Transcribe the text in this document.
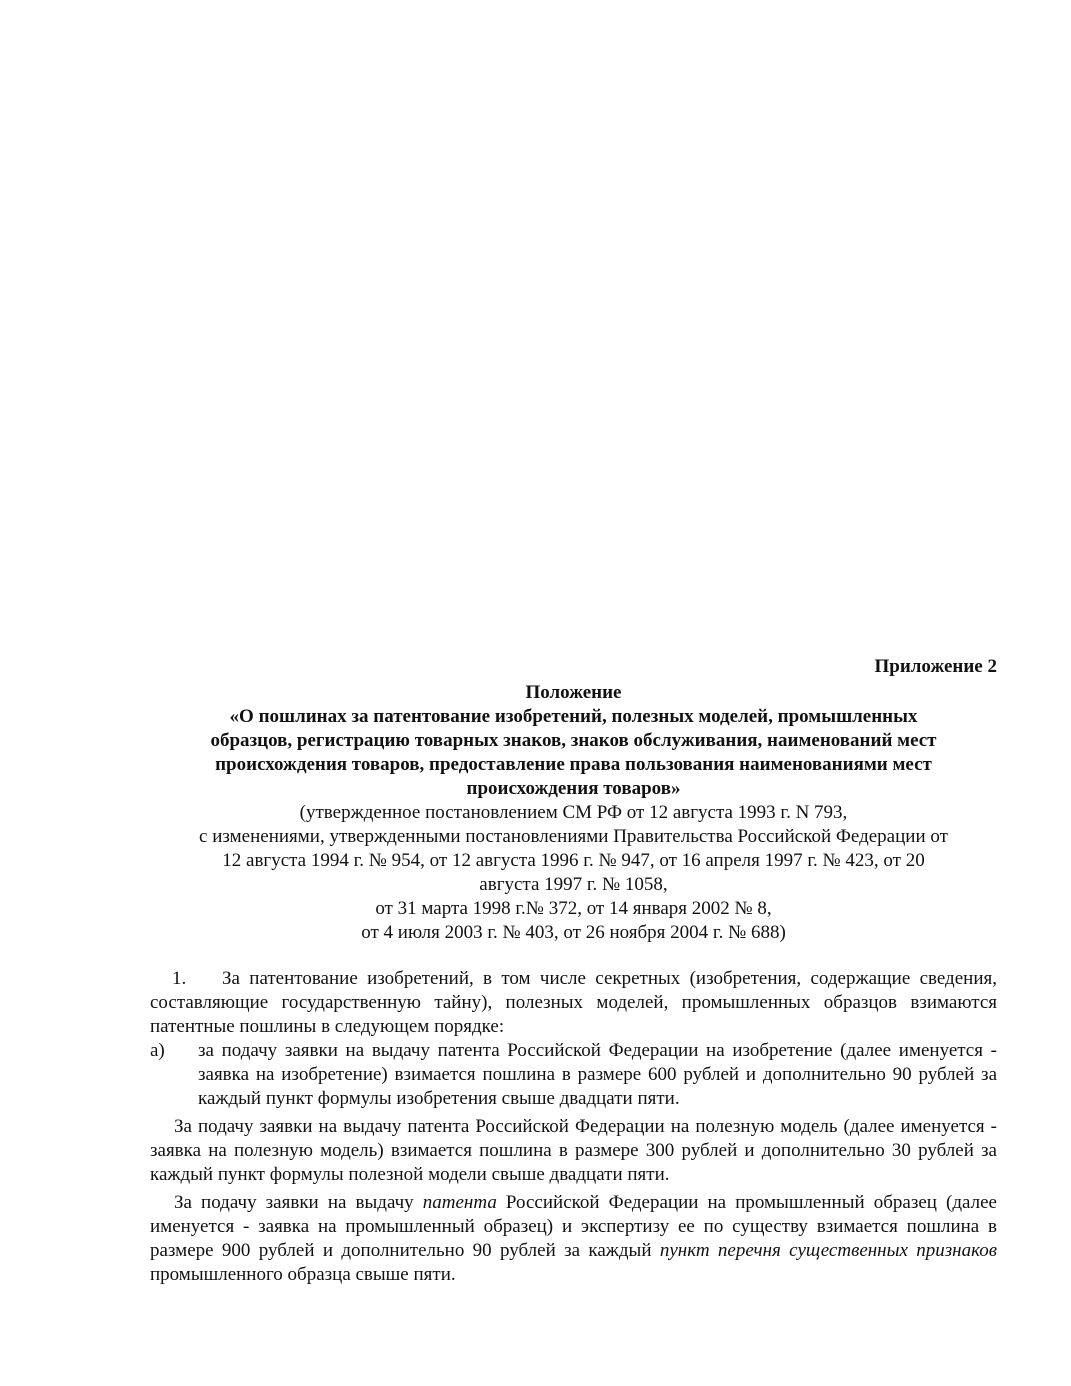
Приложение 2
Положение
«О пошлинах за патентование изобретений, полезных моделей, промышленных
образцов, регистрацию товарных знаков, знаков обслуживания, наименований мест
происхождения товаров, предоставление права пользования наименованиями мест
происхождения товаров»
(утвержденное постановлением СМ РФ от 12 августа 1993 г. N 793,
с изменениями, утвержденными постановлениями Правительства Российской Федерации от
12 августа 1994 г. № 954, от 12 августа 1996 г. № 947, от 16 апреля 1997 г. № 423, от 20
августа 1997 г. № 1058,
от 31 марта 1998 г.№ 372, от 14 января 2002 № 8,
от 4 июля 2003 г. № 403, от 26 ноября 2004 г. № 688)

1. За патентование изобретений, в том числе секретных (изобретения, содержащие сведения, составляющие государственную тайну), полезных моделей, промышленных образцов взимаются патентные пошлины в следующем порядке:

а)	за подачу заявки на выдачу патента Российской Федерации на изобретение (далее именуется - заявка на изобретение) взимается пошлина в размере 600 рублей и дополнительно 90 рублей за каждый пункт формулы изобретения свыше двадцати пяти.

За подачу заявки на выдачу патента Российской Федерации на полезную модель (далее именуется - заявка на полезную модель) взимается пошлина в размере 300 рублей и дополнительно 30 рублей за каждый пункт формулы полезной модели свыше двадцати пяти.

За подачу заявки на выдачу патента Российской Федерации на промышленный образец (далее именуется - заявка на промышленный образец) и экспертизу ее по существу взимается пошлина в размере 900 рублей и дополнительно 90 рублей за каждый пункт перечня существенных признаков промышленного образца свыше пяти.
